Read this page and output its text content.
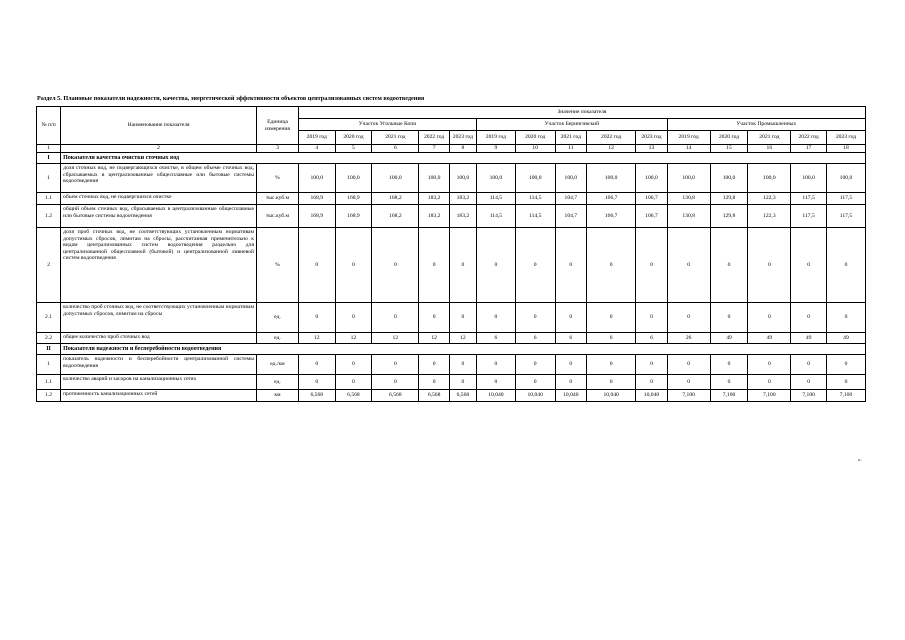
Раздел 5. Плановые показатели надежности, качества, энергетической эффективности объектов централизованных систем водоотведения
№ п/п	Наименование показателя	Единица измерения	Значение показателя														
			Участок Угольные Копи					Участок Берингивский					Участок Промышлеиных				
			2019 год	2020 год	2021 год	2022 год	2023 год	2019 год	2020 год	2021 год	2022 год	2023 год	2019 год	2020 год	2021 год	2022 год	2023 год
1	2	3	4	5	6	7	8	9	10	11	12	13	14	15	16	17	18
I	Показатели качества очистки сточных вод																
1	доля сточных вод, не подвергающихся очистке, в общем объеме сточных вод, сбрасываемых в централизованные общесплавные или бытовые системы водоотведения	%	100,0	100,0	100,0	100,0	100,0	100,0	100,0	100,0	100,0	100,0	100,0	100,0	100,0	100,0	100,0
1.1	объем сточных вод, не подвергшихся очистке	тыс.куб.м	168,9	168,9	168,2	183,2	183,2	114,5	114,5	104,7	106,7	106,7	130,8	129,8	122,3	117,5	117,5
1.2	общий объем сточных вод, сбрасываемых в централизованные общесплавные или бытовые системы водоотведения	тыс.куб.м	168,9	168,9	168,2	183,2	183,2	114,5	114,5	104,7	106,7	106,7	130,8	129,8	122,3	117,5	117,5
2	доля проб сточных вод, не соответствующих установленным нормативам допустимых сбросов, лимитам на сбросы, рассчитанная применительно к видам централизованных систем водоотведения раздельно для централизованной общесплавной (бытовой) и централизованной ливневой систем водоотведения	%	0	0	0	0	0	0	0	0	0	0	0	0	0	0	0
2.1	количество проб сточных вод, не соответствующих установленным нормативам допустимых сбросов, лимитам на сбросы	ед.	0	0	0	0	0	0	0	0	0	0	0	0	0	0	0
2.2	общее количество проб сточных вод	ед.	12	12	12	12	12	6	6	6	6	6	26	49	49	49	49
II	Показатели надежности и бесперебойности водоотведения																
1	показатель надежности и бесперебойности централизованной системы водоотведения	ед./км	0	0	0	0	0	0	0	0	0	0	0	0	0	0	0
1.1	количество аварий и засоров на канализационных сетях	ед.	0	0	0	0	0	0	0	0	0	0	0	0	0	0	0
1.2	протяженность канализационных сетей	км	6,568	6,568	6,568	6,568	6,568	10,040	10,040	10,040	10,040	10,040	7,100	7,100	7,100	7,100	7,100
».
